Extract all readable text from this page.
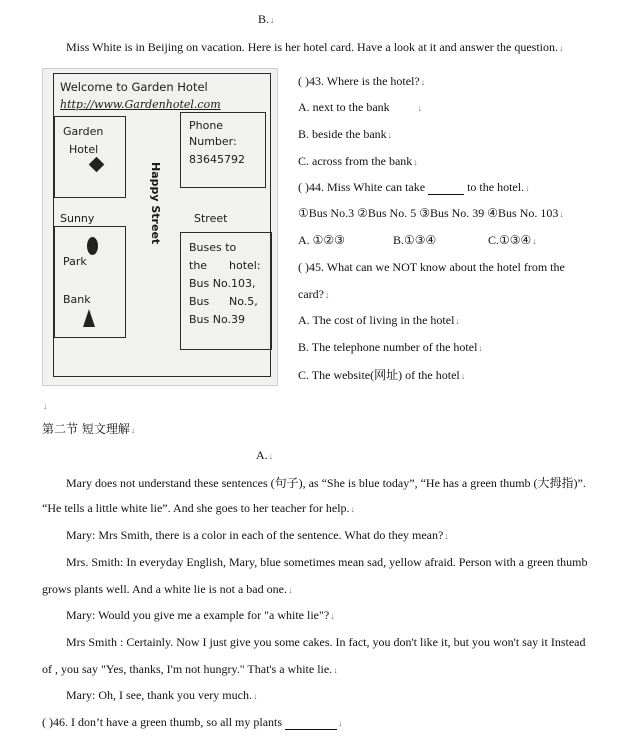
B.↓
Miss White is in Beijing on vacation. Here is her hotel card. Have a look at it and answer the question.↓
Welcome to Garden Hotel
http://www.Gardenhotel.com
Garden
Hotel
Phone
Number:
83645792
Happy Street
Sunny	Street
Park
Bank
Buses to
the hotel:
Bus No.103,
Bus No.5,
Bus No.39
( )43. Where is the hotel?↓
A. next to the bank	↓
B. beside the bank↓
C. across from the bank↓
( )44. Miss White can take	to the hotel.↓
①Bus No.3 ②Bus No. 5 ③Bus No. 39 ④Bus No. 103↓
A. ①②③	B.①③④	C.①③④↓
( )45. What can we NOT know about the hotel from the
card?↓
A. The cost of living in the hotel↓
B. The telephone number of the hotel↓
C. The website(网址) of the hotel↓
↓
第二节 短文理解↓
A.↓
Mary does not understand these sentences (句子), as “She is blue today”, “He has a green thumb (大拇指)”.
“He tells a little white lie”. And she goes to her teacher for help.↓
Mary: Mrs Smith, there is a color in each of the sentence. What do they mean?↓
Mrs. Smith: In everyday English, Mary, blue sometimes mean sad, yellow afraid. Person with a green thumb
grows plants well. And a white lie is not a bad one.↓
Mary: Would you give me a example for "a white lie"?↓
Mrs Smith : Certainly. Now I just give you some cakes. In fact, you don't like it, but you won't say it Instead
of , you say "Yes, thanks, I'm not hungry." That's a white lie.↓
Mary: Oh, I see, thank you very much.↓
( )46. I don’t have a green thumb, so all my plants	↓
